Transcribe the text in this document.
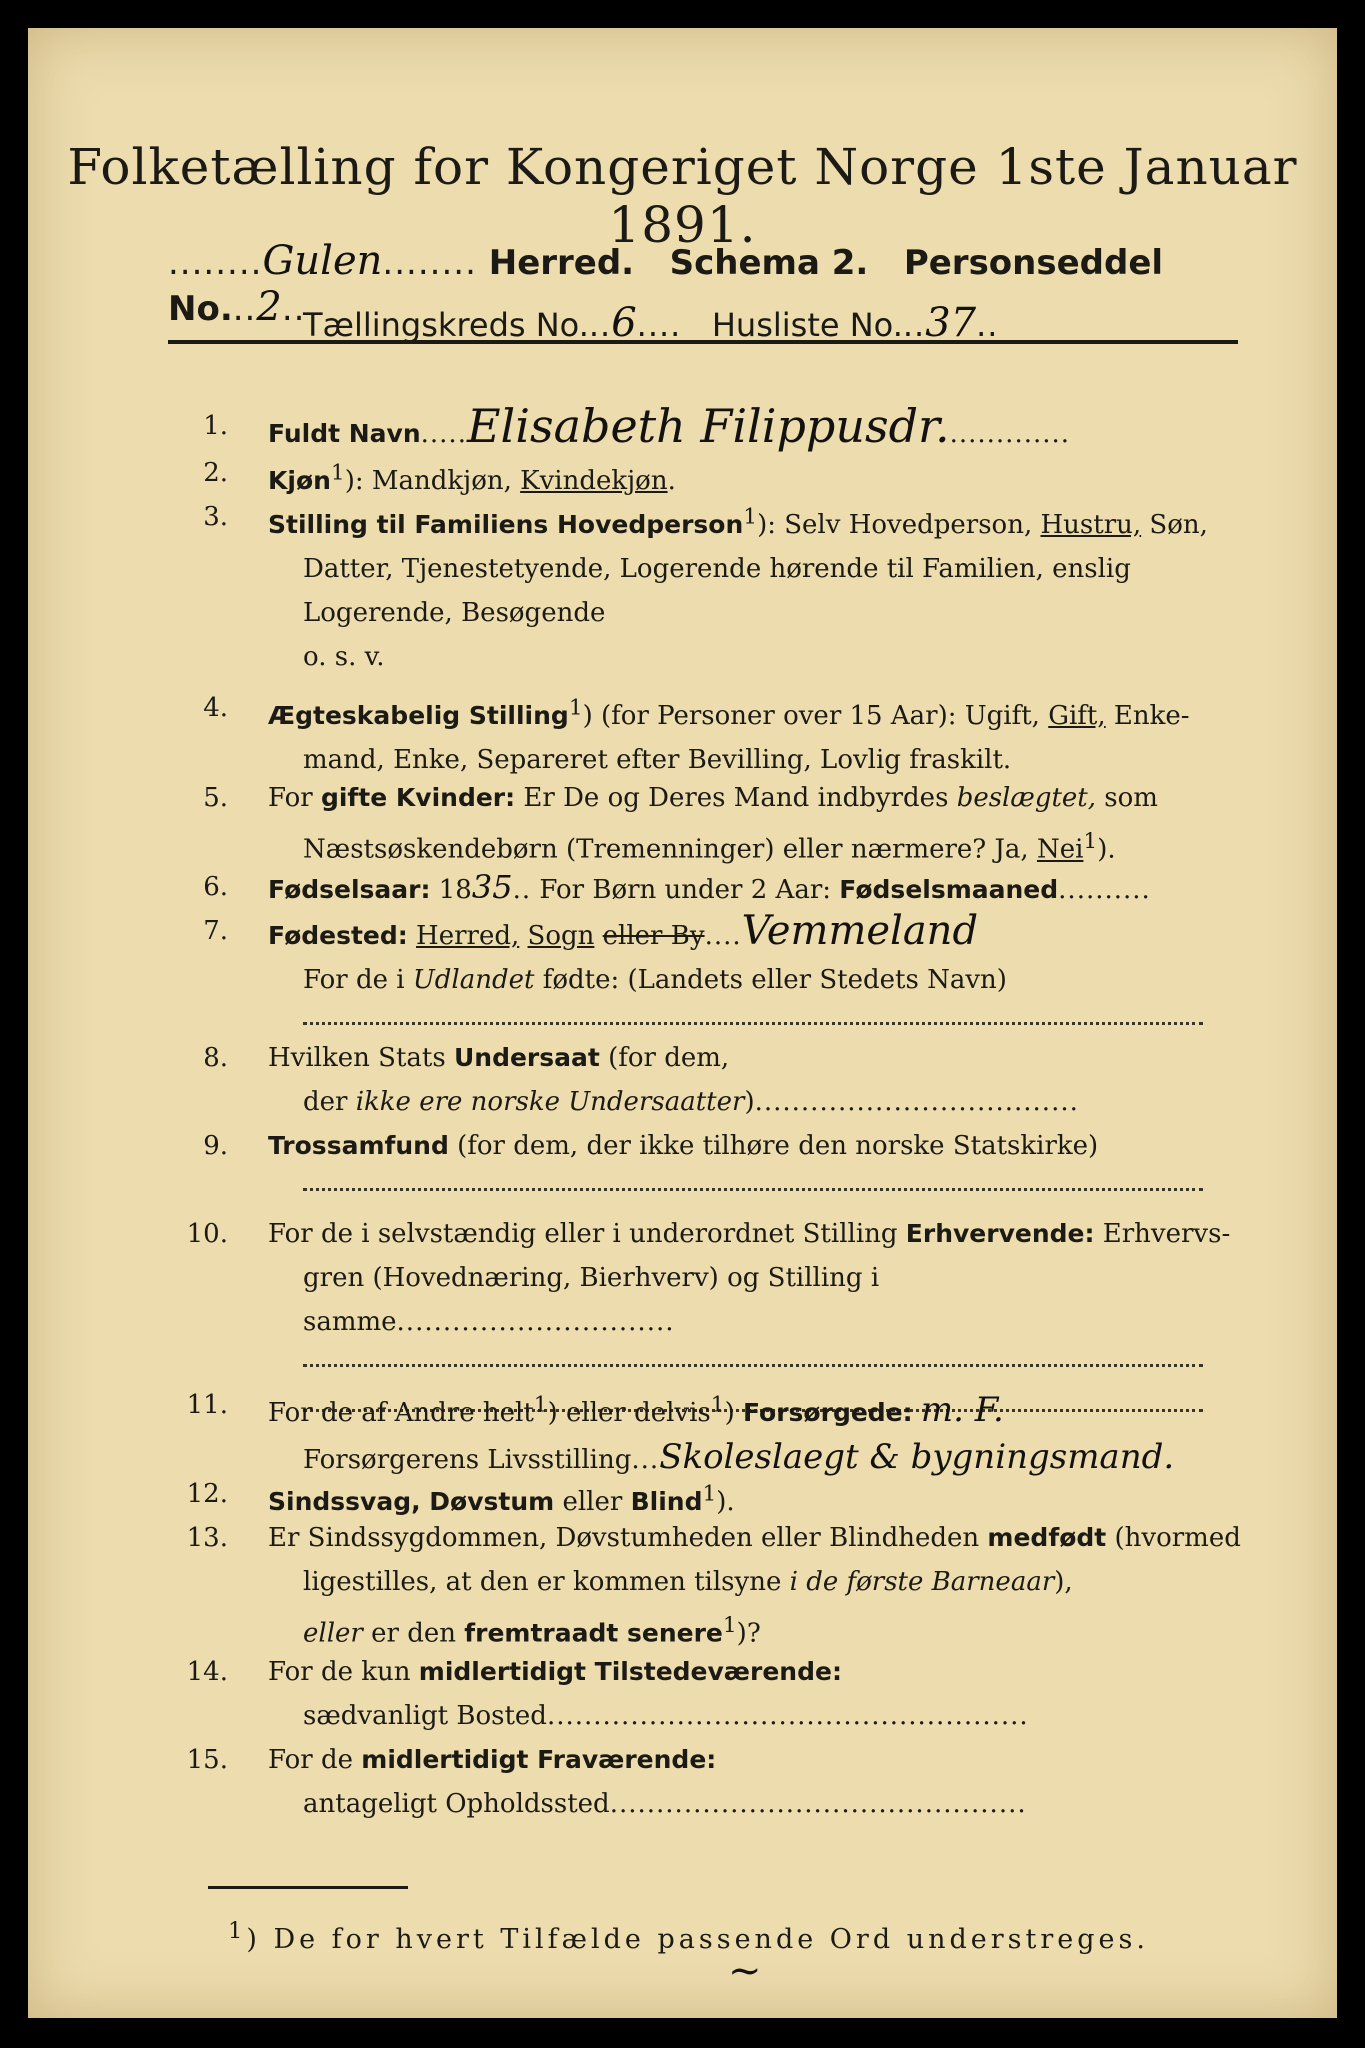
Folketælling for Kongeriget Norge 1ste Januar 1891.
........Gulen........ Herred. Schema 2. Personseddel No...2..
Tællingskreds No...6.... Husliste No...37..
1. Fuldt Navn.....Elisabeth Filippusdr..............
2. Kjøn$^1$): Mandkjøn, Kvindekjøn.
3. Stilling til Familiens Hovedperson$^1$): Selv Hovedperson, Hustru, Søn,
Datter, Tjenestetyende, Logerende hørende til Familien, enslig
Logerende, Besøgende
o. s. v.
4. Ægteskabelig Stilling$^1$) (for Personer over 15 Aar): Ugift, Gift, Enke-
mand, Enke, Separeret efter Bevilling, Lovlig fraskilt.
5. For gifte Kvinder: Er De og Deres Mand indbyrdes beslægtet, som
Næstsøskendebørn (Tremenninger) eller nærmere? Ja, Nei$^1$).
6. Fødselsaar: 1835.. For Børn under 2 Aar: Fødselsmaaned..........
7. Fødested: Herred, Sogn eller By....Vemmeland
For de i Udlandet fødte: (Landets eller Stedets Navn)
8. Hvilken Stats Undersaat (for dem,
der ikke ere norske Undersaatter)...................................
9. Trossamfund (for dem, der ikke tilhøre den norske Statskirke)
10. For de i selvstændig eller i underordnet Stilling Erhvervende: Erhvervs-
gren (Hovednæring, Bierhverv) og Stilling i samme..............................
11. For de af Andre helt$^1$) eller delvis$^1$) Forsørgede: m. F.
Forsørgerens Livsstilling...Skoleslaegt & bygningsmand.
12. Sindssvag, Døvstum eller Blind$^1$).
13. Er Sindssygdommen, Døvstumheden eller Blindheden medfødt (hvormed
ligestilles, at den er kommen tilsyne i de første Barneaar),
eller er den fremtraadt senere$^1$)?
14. For de kun midlertidigt Tilstedeværende:
sædvanligt Bosted....................................................
15. For de midlertidigt Fraværende:
antageligt Opholdssted.............................................
$^1$) De for hvert Tilfælde passende Ord understreges.
~
